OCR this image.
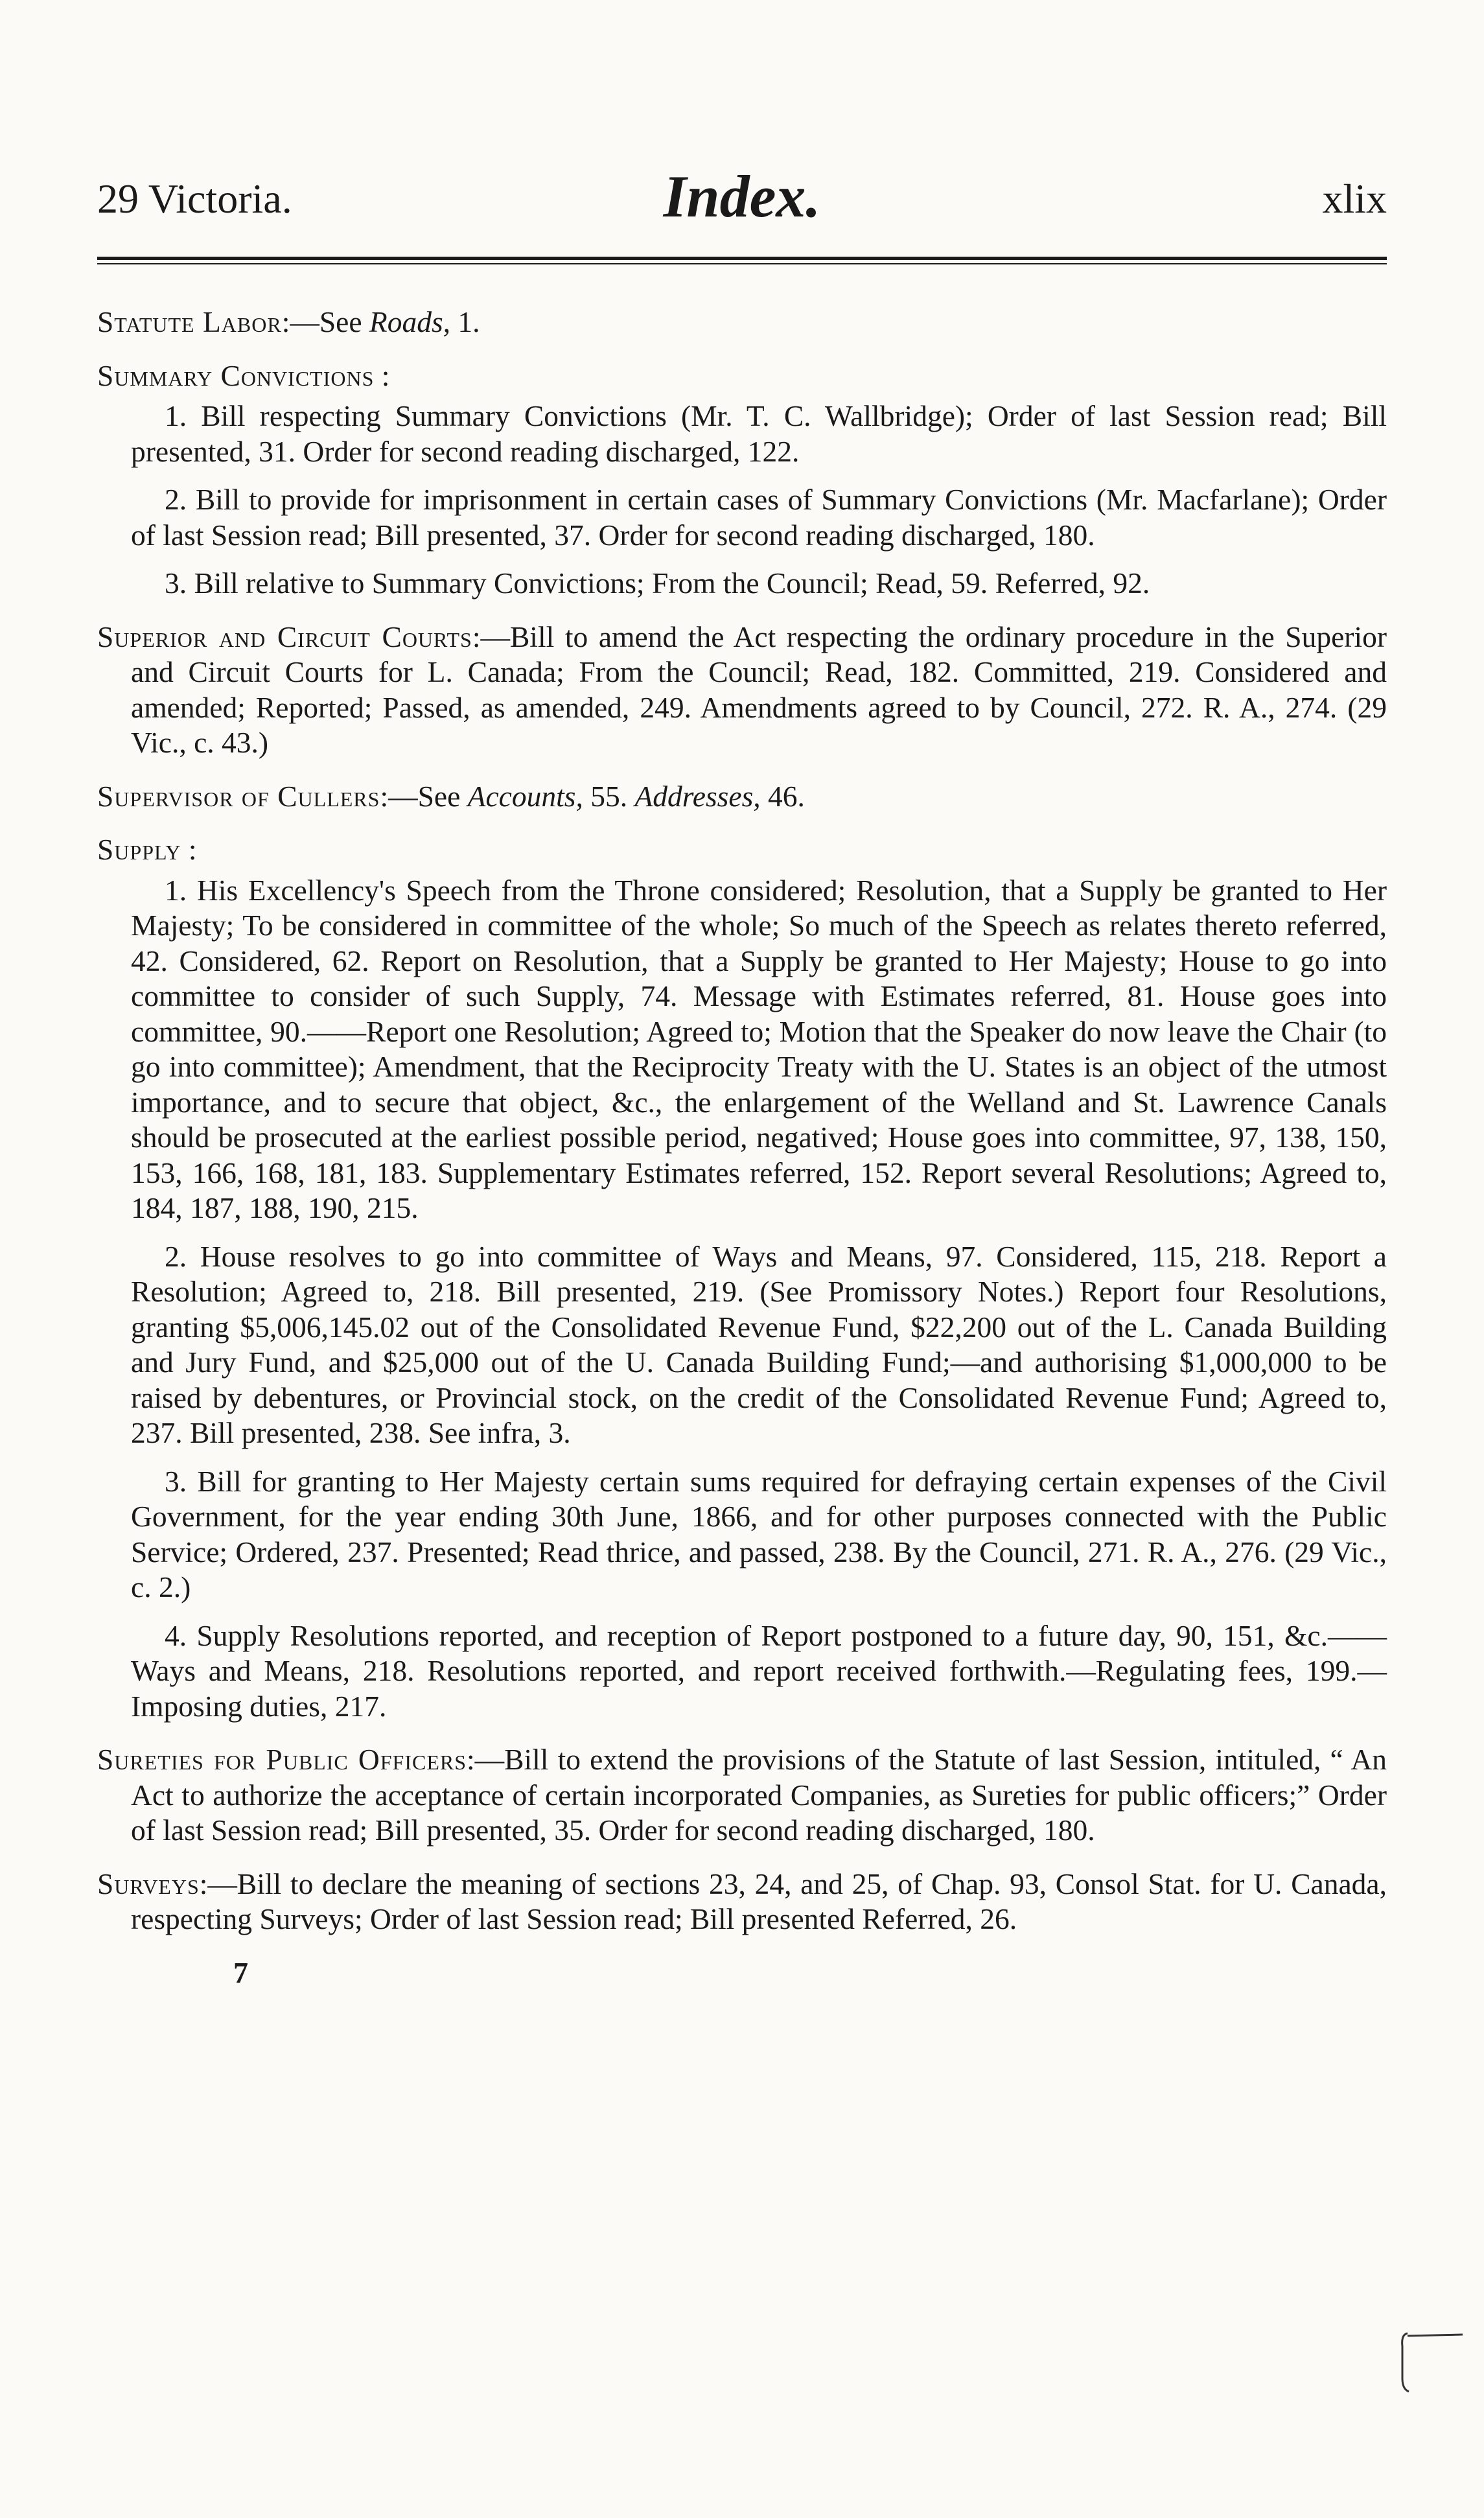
29 Victoria.	Index.	xlix
Statute Labor:—See Roads, 1.
Summary Convictions :
1. Bill respecting Summary Convictions (Mr. T. C. Wallbridge); Order of last Session read; Bill presented, 31. Order for second reading discharged, 122.
2. Bill to provide for imprisonment in certain cases of Summary Convictions (Mr. Macfarlane); Order of last Session read; Bill presented, 37. Order for second reading discharged, 180.
3. Bill relative to Summary Convictions; From the Council; Read, 59. Referred, 92.
Superior and Circuit Courts:—Bill to amend the Act respecting the ordinary procedure in the Superior and Circuit Courts for L. Canada; From the Council; Read, 182. Committed, 219. Considered and amended; Reported; Passed, as amended, 249. Amendments agreed to by Council, 272. R. A., 274. (29 Vic., c. 43.)
Supervisor of Cullers:—See Accounts, 55. Addresses, 46.
Supply :
1. His Excellency's Speech from the Throne considered; Resolution, that a Supply be granted to Her Majesty; To be considered in committee of the whole; So much of the Speech as relates thereto referred, 42. Considered, 62. Report on Resolution, that a Supply be granted to Her Majesty; House to go into committee to consider of such Supply, 74. Message with Estimates referred, 81. House goes into committee, 90.——Report one Resolution; Agreed to; Motion that the Speaker do now leave the Chair (to go into committee); Amendment, that the Reciprocity Treaty with the U. States is an object of the utmost importance, and to secure that object, &c., the enlargement of the Welland and St. Lawrence Canals should be prosecuted at the earliest possible period, negatived; House goes into committee, 97, 138, 150, 153, 166, 168, 181, 183. Supplementary Estimates referred, 152. Report several Resolutions; Agreed to, 184, 187, 188, 190, 215.
2. House resolves to go into committee of Ways and Means, 97. Considered, 115, 218. Report a Resolution; Agreed to, 218. Bill presented, 219. (See Promissory Notes.) Report four Resolutions, granting $5,006,145.02 out of the Consolidated Revenue Fund, $22,200 out of the L. Canada Building and Jury Fund, and $25,000 out of the U. Canada Building Fund;—and authorising $1,000,000 to be raised by debentures, or Provincial stock, on the credit of the Consolidated Revenue Fund; Agreed to, 237. Bill presented, 238. See infra, 3.
3. Bill for granting to Her Majesty certain sums required for defraying certain expenses of the Civil Government, for the year ending 30th June, 1866, and for other purposes connected with the Public Service; Ordered, 237. Presented; Read thrice, and passed, 238. By the Council, 271. R. A., 276. (29 Vic., c. 2.)
4. Supply Resolutions reported, and reception of Report postponed to a future day, 90, 151, &c.——Ways and Means, 218. Resolutions reported, and report received forthwith.—Regulating fees, 199.—Imposing duties, 217.
Sureties for Public Officers:—Bill to extend the provisions of the Statute of last Session, intituled, “ An Act to authorize the acceptance of certain incorporated Companies, as Sureties for public officers;” Order of last Session read; Bill presented, 35. Order for second reading discharged, 180.
Surveys:—Bill to declare the meaning of sections 23, 24, and 25, of Chap. 93, Consol Stat. for U. Canada, respecting Surveys; Order of last Session read; Bill presented Referred, 26.
7
